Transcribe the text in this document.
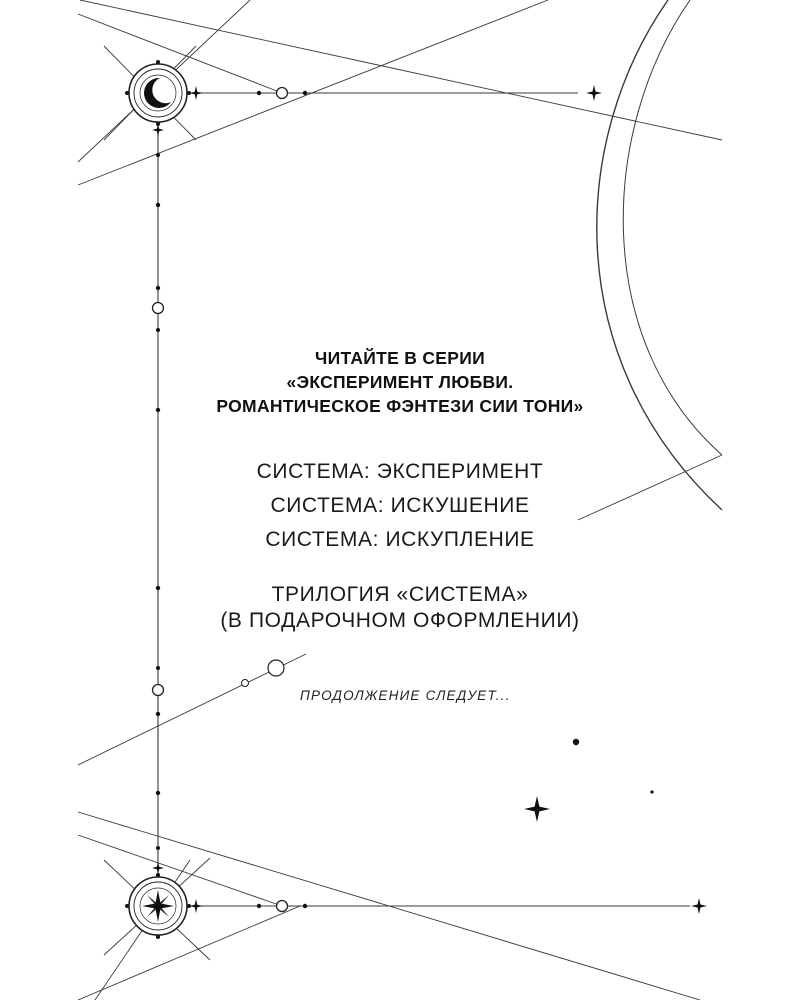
ЧИТАЙТЕ В СЕРИИ
«ЭКСПЕРИМЕНТ ЛЮБВИ.
РОМАНТИЧЕСКОЕ ФЭНТЕЗИ СИИ ТОНИ»
СИСТЕМА: ЭКСПЕРИМЕНТ
СИСТЕМА: ИСКУШЕНИЕ
СИСТЕМА: ИСКУПЛЕНИЕ
ТРИЛОГИЯ «СИСТЕМА»
(В ПОДАРОЧНОМ ОФОРМЛЕНИИ)
ПРОДОЛЖЕНИЕ СЛЕДУЕТ...
